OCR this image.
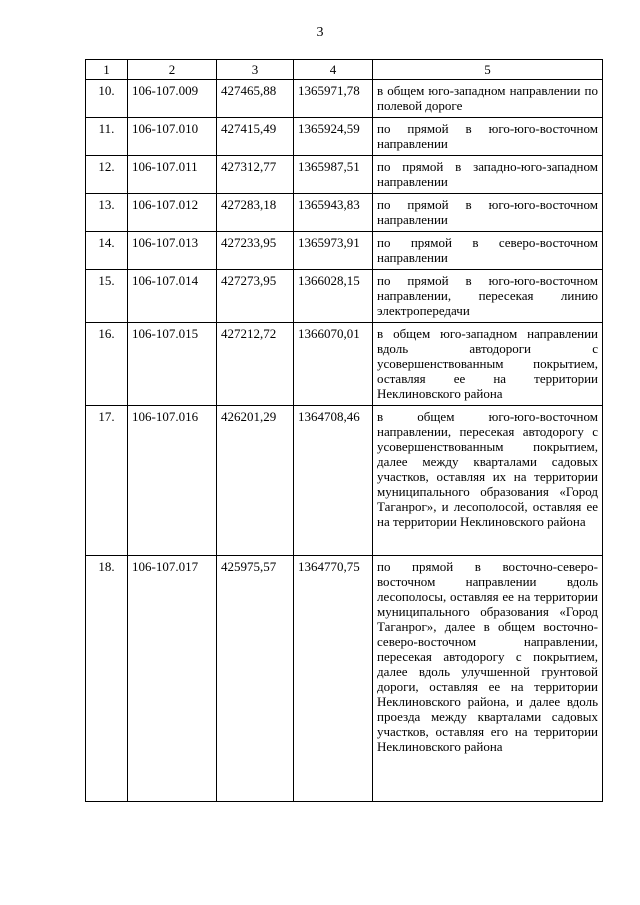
3
1	2	3	4	5
10.	106-107.009	427465,88	1365971,78	в общем юго-западном направлении по полевой дороге
11.	106-107.010	427415,49	1365924,59	по прямой в юго-юго-восточном направлении
12.	106-107.011	427312,77	1365987,51	по прямой в западно-юго-западном направлении
13.	106-107.012	427283,18	1365943,83	по прямой в юго-юго-восточном направлении
14.	106-107.013	427233,95	1365973,91	по прямой в северо-восточном направлении
15.	106-107.014	427273,95	1366028,15	по прямой в юго-юго-восточном направлении, пересекая линию электропередачи
16.	106-107.015	427212,72	1366070,01	в общем юго-западном направлении вдоль автодороги с усовершенствованным покрытием, оставляя ее на территории Неклиновского района
17.	106-107.016	426201,29	1364708,46	в общем юго-юго-восточном направлении, пересекая автодорогу с усовершенствованным покрытием, далее между кварталами садовых участков, оставляя их на территории муниципального образования «Город Таганрог», и лесополосой, оставляя ее на территории Неклиновского района
18.	106-107.017	425975,57	1364770,75	по прямой в восточно-северо-восточном направлении вдоль лесополосы, оставляя ее на территории муниципального образования «Город Таганрог», далее в общем восточно-северо-восточном направлении, пересекая автодорогу с покрытием, далее вдоль улучшенной грунтовой дороги, оставляя ее на территории Неклиновского района, и далее вдоль проезда между кварталами садовых участков, оставляя его на территории Неклиновского района
